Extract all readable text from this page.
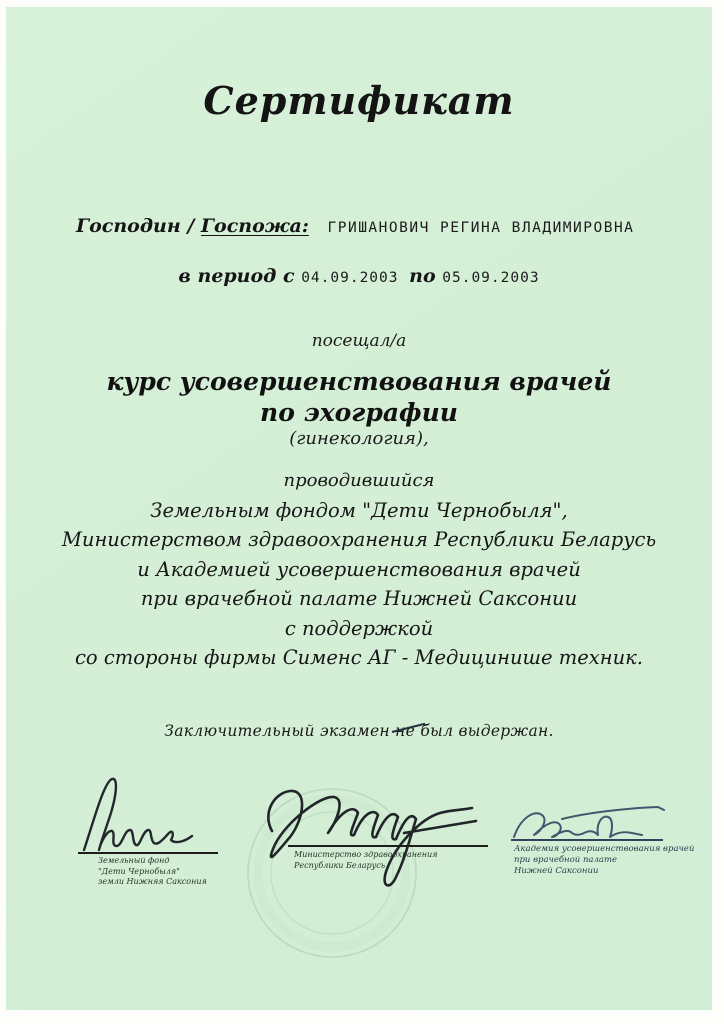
Сертификат
Господин / Госпожа: ГРИШАНОВИЧ РЕГИНА ВЛАДИМИРОВНА
в период с 04.09.2003 по 05.09.2003
посещал/а
курс усовершенствования врачей
по эхографии
(гинекология),
проводившийся
Земельным фондом "Дети Чернобыля",
Министерством здравоохранения Республики Беларусь
и Академией усовершенствования врачей
при врачебной палате Нижней Саксонии
с поддержкой
со стороны фирмы Сименс АГ - Медицинише техник.
Заключительный экзамен не был выдержан.
Земельный фонд
"Дети Чернобыля"
земли Нижняя Саксония
Министерство здравоохранения
Республики Беларусь
Академия усовершенствования врачей
при врачебной палате
Нижней Саксонии
